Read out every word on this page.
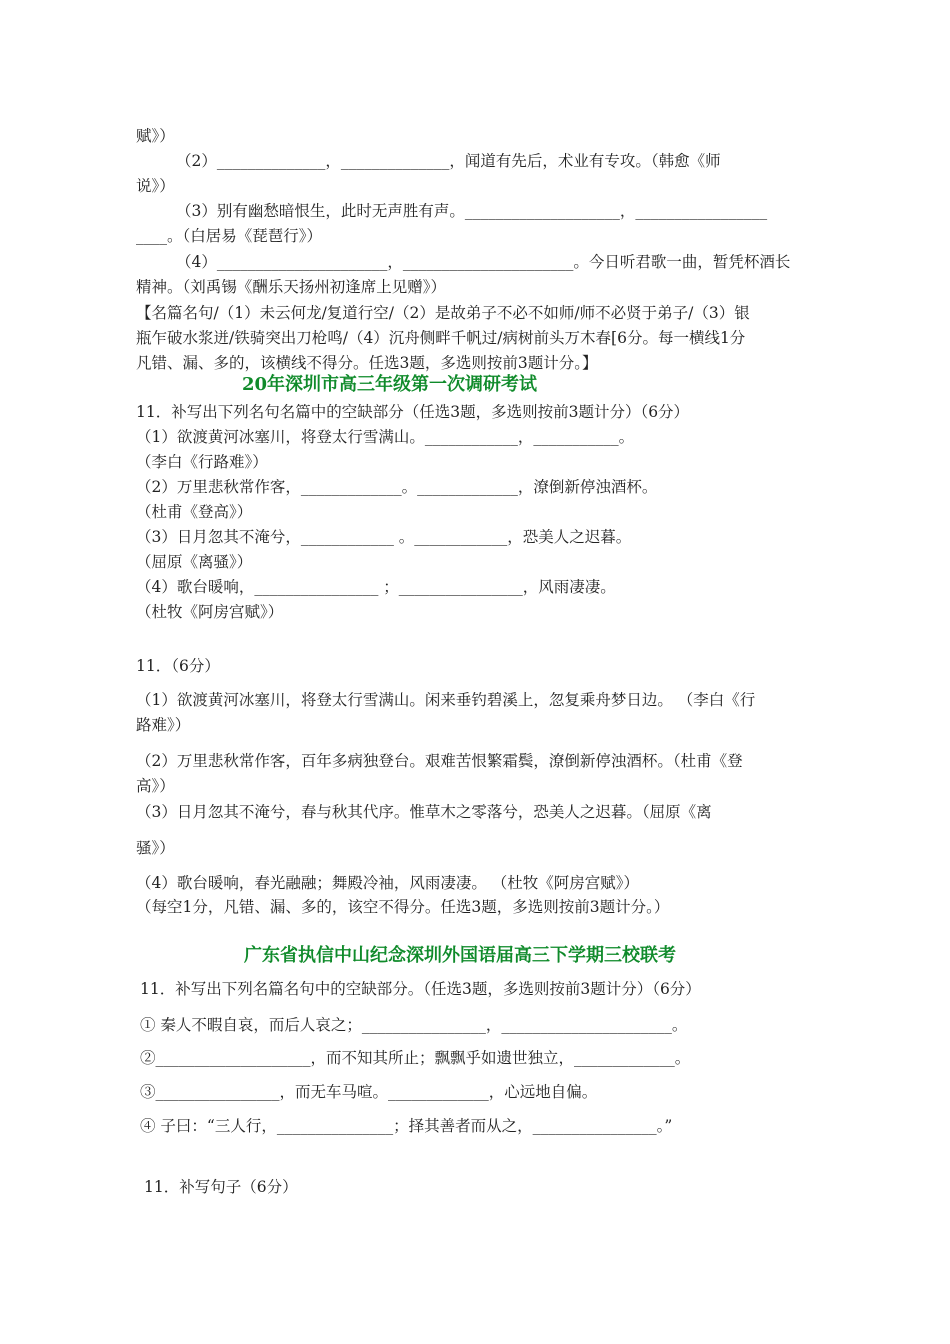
赋》）
（2）______________，______________，闻道有先后，术业有专攻。（韩愈《师
说》）
（3）别有幽愁暗恨生，此时无声胜有声。____________________，_________________
____。（白居易《琵琶行》）
（4）______________________，______________________。今日听君歌一曲，暂凭杯酒长
精神。（刘禹锡《酬乐天扬州初逢席上见赠》）
【名篇名句/（1）未云何龙/复道行空/（2）是故弟子不必不如师/师不必贤于弟子/（3）银
瓶乍破水浆迸/铁骑突出刀枪鸣/（4）沉舟侧畔千帆过/病树前头万木春[6分。每一横线1分
凡错、漏、多的，该横线不得分。任选3题，多选则按前3题计分。】
20年深圳市高三年级第一次调研考试
11．补写出下列名句名篇中的空缺部分（任选3题，多选则按前3题计分）（6分）
（1）欲渡黄河冰塞川，将登太行雪满山。____________，___________。
（李白《行路难》）
（2）万里悲秋常作客，_____________。_____________，潦倒新停浊酒杯。
（杜甫《登高》）
（3）日月忽其不淹兮，____________ 。____________，恐美人之迟暮。
（屈原《离骚》）
（4）歌台暖响，________________ ；________________，风雨凄凄。
（杜牧《阿房宫赋》）
11．（6分）
（1）欲渡黄河冰塞川，将登太行雪满山。闲来垂钓碧溪上，忽复乘舟梦日边。 （李白《行
路难》）
（2）万里悲秋常作客，百年多病独登台。艰难苦恨繁霜鬓，潦倒新停浊酒杯。（杜甫《登
高》）
（3）日月忽其不淹兮，春与秋其代序。惟草木之零落兮，恐美人之迟暮。（屈原《离
骚》）
（4）歌台暖响，春光融融；舞殿冷袖，风雨凄凄。 （杜牧《阿房宫赋》）
（每空1分，凡错、漏、多的，该空不得分。任选3题，多选则按前3题计分。）
广东省执信中山纪念深圳外国语届高三下学期三校联考
11．补写出下列名篇名句中的空缺部分。（任选3题，多选则按前3题计分）（6分）
① 秦人不暇自哀，而后人哀之；________________，______________________。
②____________________，而不知其所止；飘飘乎如遗世独立，_____________。
③________________，而无车马喧。_____________，心远地自偏。
④ 子曰：“三人行，_______________；择其善者而从之，________________。”
11．补写句子（6分）
